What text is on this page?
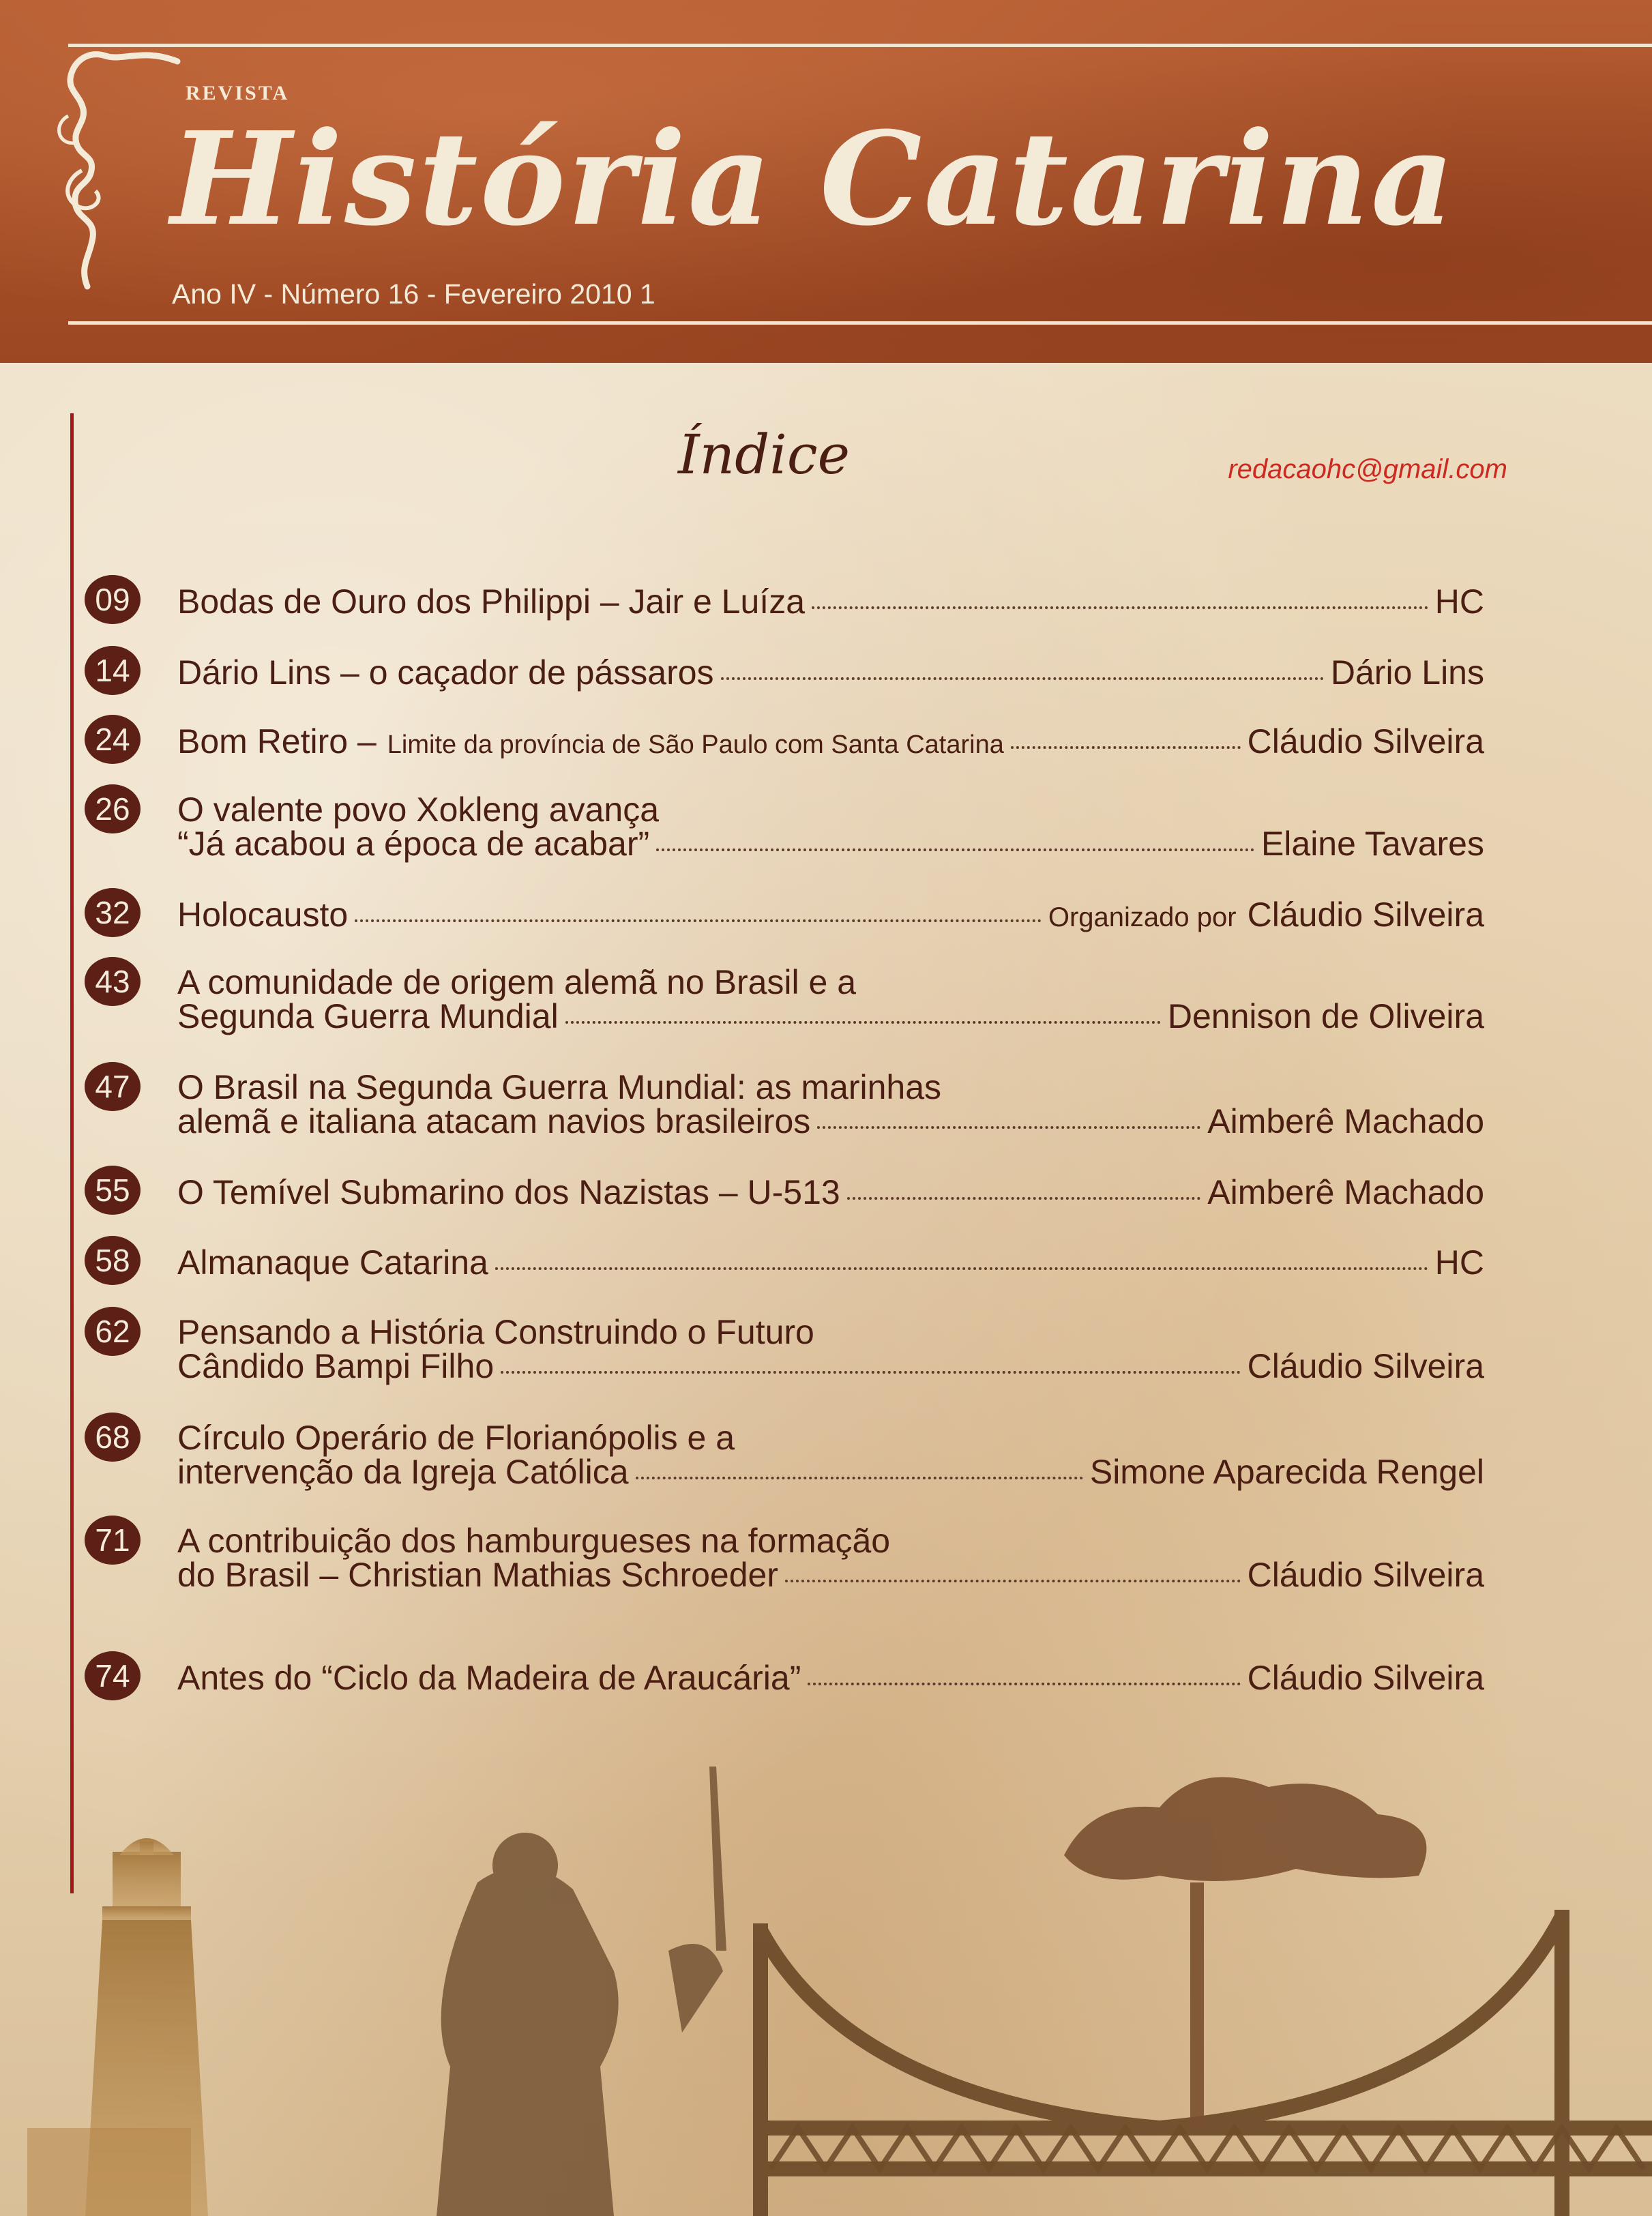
REVISTA
História Catarina
Ano IV - Número 16 - Fevereiro 2010 1
Índice	redacaohc@gmail.com
09	Bodas de Ouro dos Philippi – Jair e Luíza	HC
14	Dário Lins – o caçador de pássaros	Dário Lins
24	Bom Retiro – Limite da província de São Paulo com Santa Catarina	Cláudio Silveira
26	O valente povo Xokleng avança
“Já acabou a época de acabar”	Elaine Tavares
32	Holocausto	Organizado por Cláudio Silveira
43	A comunidade de origem alemã no Brasil e a
Segunda Guerra Mundial	Dennison de Oliveira
47	O Brasil na Segunda Guerra Mundial: as marinhas
alemã e italiana atacam navios brasileiros	Aimberê Machado
55	O Temível Submarino dos Nazistas – U-513	Aimberê Machado
58	Almanaque Catarina	HC
62	Pensando a História Construindo o Futuro
Cândido Bampi Filho	Cláudio Silveira
68	Círculo Operário de Florianópolis e a
intervenção da Igreja Católica	Simone Aparecida Rengel
71	A contribuição dos hamburgueses na formação
do Brasil – Christian Mathias Schroeder	Cláudio Silveira
74	Antes do “Ciclo da Madeira de Araucária”	Cláudio Silveira
